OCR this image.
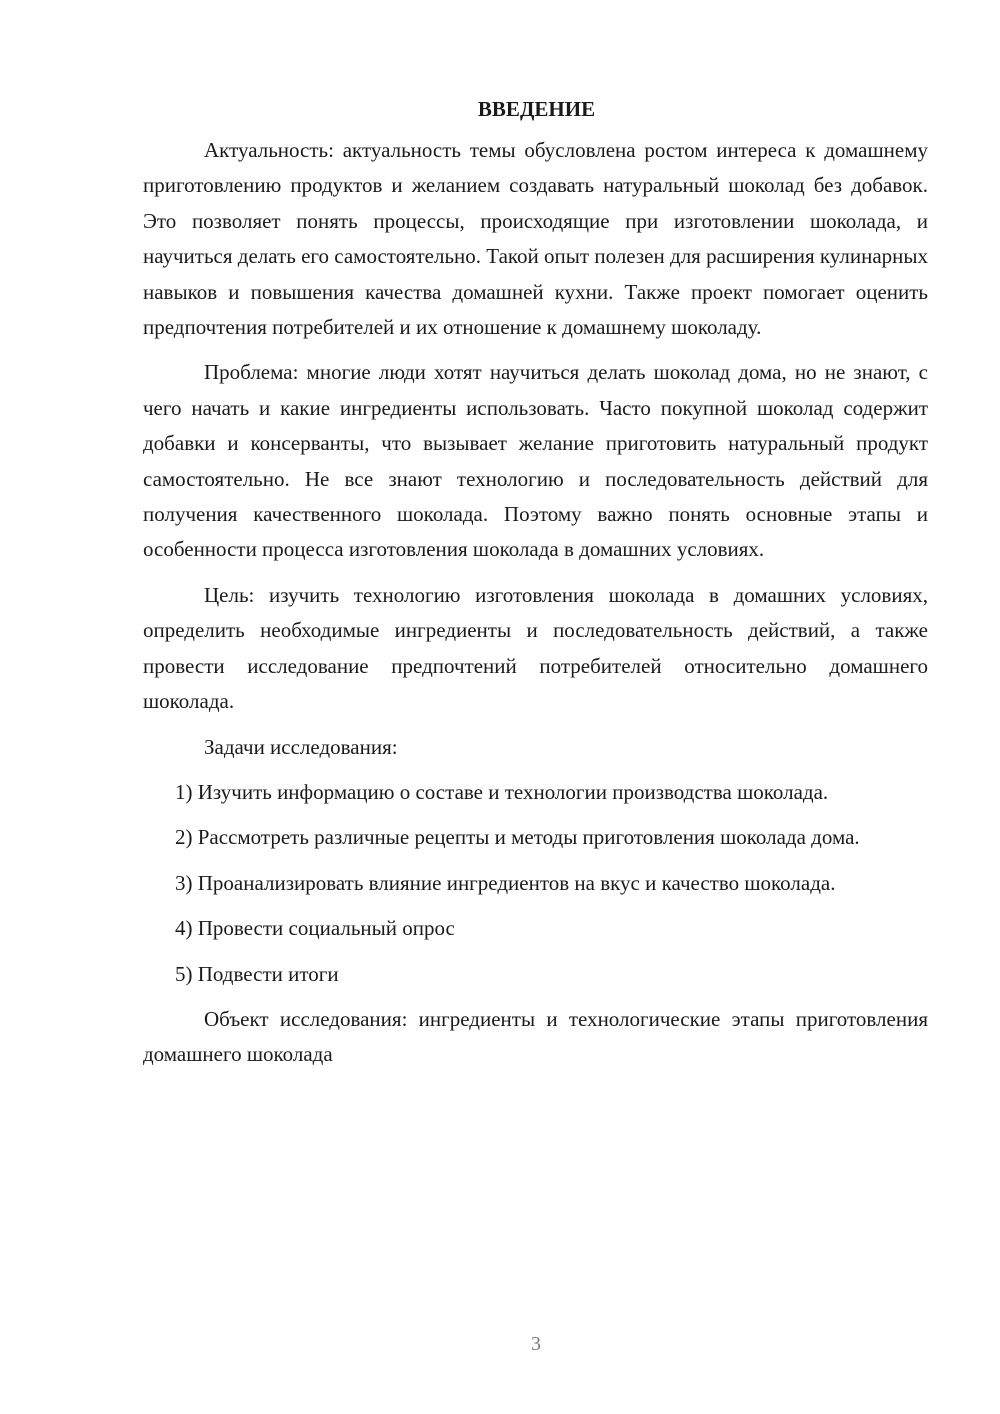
ВВЕДЕНИЕ

Актуальность: актуальность темы обусловлена ростом интереса к домашнему приготовлению продуктов и желанием создавать натуральный шоколад без добавок. Это позволяет понять процессы, происходящие при изготовлении шоколада, и научиться делать его самостоятельно. Такой опыт полезен для расширения кулинарных навыков и повышения качества домашней кухни. Также проект помогает оценить предпочтения потребителей и их отношение к домашнему шоколаду.

Проблема: многие люди хотят научиться делать шоколад дома, но не знают, с чего начать и какие ингредиенты использовать. Часто покупной шоколад содержит добавки и консерванты, что вызывает желание приготовить натуральный продукт самостоятельно. Не все знают технологию и последовательность действий для получения качественного шоколада. Поэтому важно понять основные этапы и особенности процесса изготовления шоколада в домашних условиях.

Цель: изучить технологию изготовления шоколада в домашних условиях, определить необходимые ингредиенты и последовательность действий, а также провести исследование предпочтений потребителей относительно домашнего шоколада.

Задачи исследования:

1) Изучить информацию о составе и технологии производства шоколада.

2) Рассмотреть различные рецепты и методы приготовления шоколада дома.

3) Проанализировать влияние ингредиентов на вкус и качество шоколада.

4) Провести социальный опрос

5) Подвести итоги

Объект исследования: ингредиенты и технологические этапы приготовления домашнего шоколада

3
